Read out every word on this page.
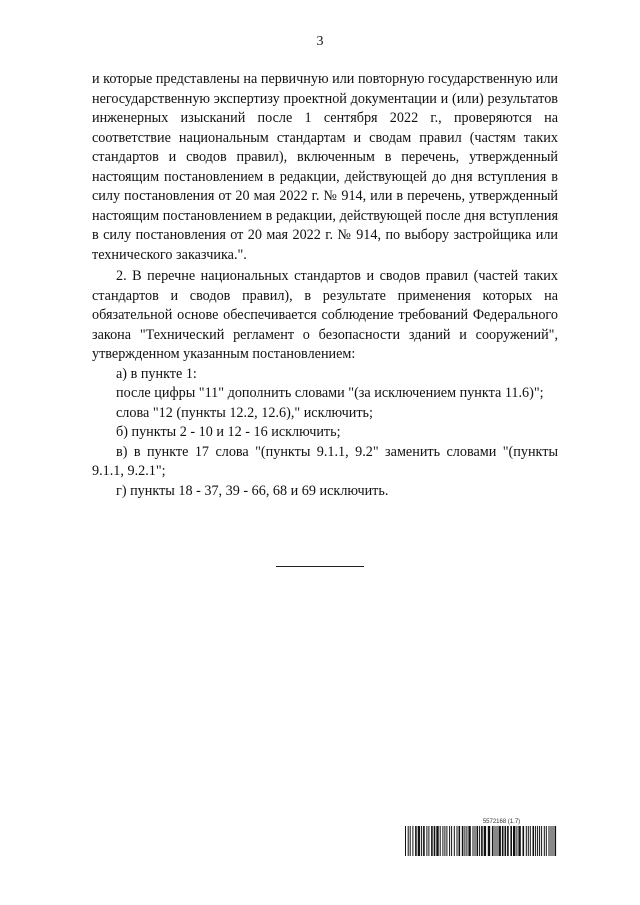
3

и которые представлены на первичную или повторную государственную или негосударственную экспертизу проектной документации и (или) результатов инженерных изысканий после 1 сентября 2022 г., проверяются на соответствие национальным стандартам и сводам правил (частям таких стандартов и сводов правил), включенным в перечень, утвержденный настоящим постановлением в редакции, действующей до дня вступления в силу постановления от 20 мая 2022 г. № 914, или в перечень, утвержденный настоящим постановлением в редакции, действующей после дня вступления в силу постановления от 20 мая 2022 г. № 914, по выбору застройщика или технического заказчика.".

2. В перечне национальных стандартов и сводов правил (частей таких стандартов и сводов правил), в результате применения которых на обязательной основе обеспечивается соблюдение требований Федерального закона "Технический регламент о безопасности зданий и сооружений", утвержденном указанным постановлением:

а) в пункте 1:

после цифры "11" дополнить словами "(за исключением пункта 11.6)";

слова "12 (пункты 12.2, 12.6)," исключить;

б) пункты 2 - 10 и 12 - 16 исключить;

в) в пункте 17 слова "(пункты 9.1.1, 9.2" заменить словами "(пункты 9.1.1, 9.2.1";

г) пункты 18 - 37, 39 - 66, 68 и 69 исключить.

5572168 (1.7)
